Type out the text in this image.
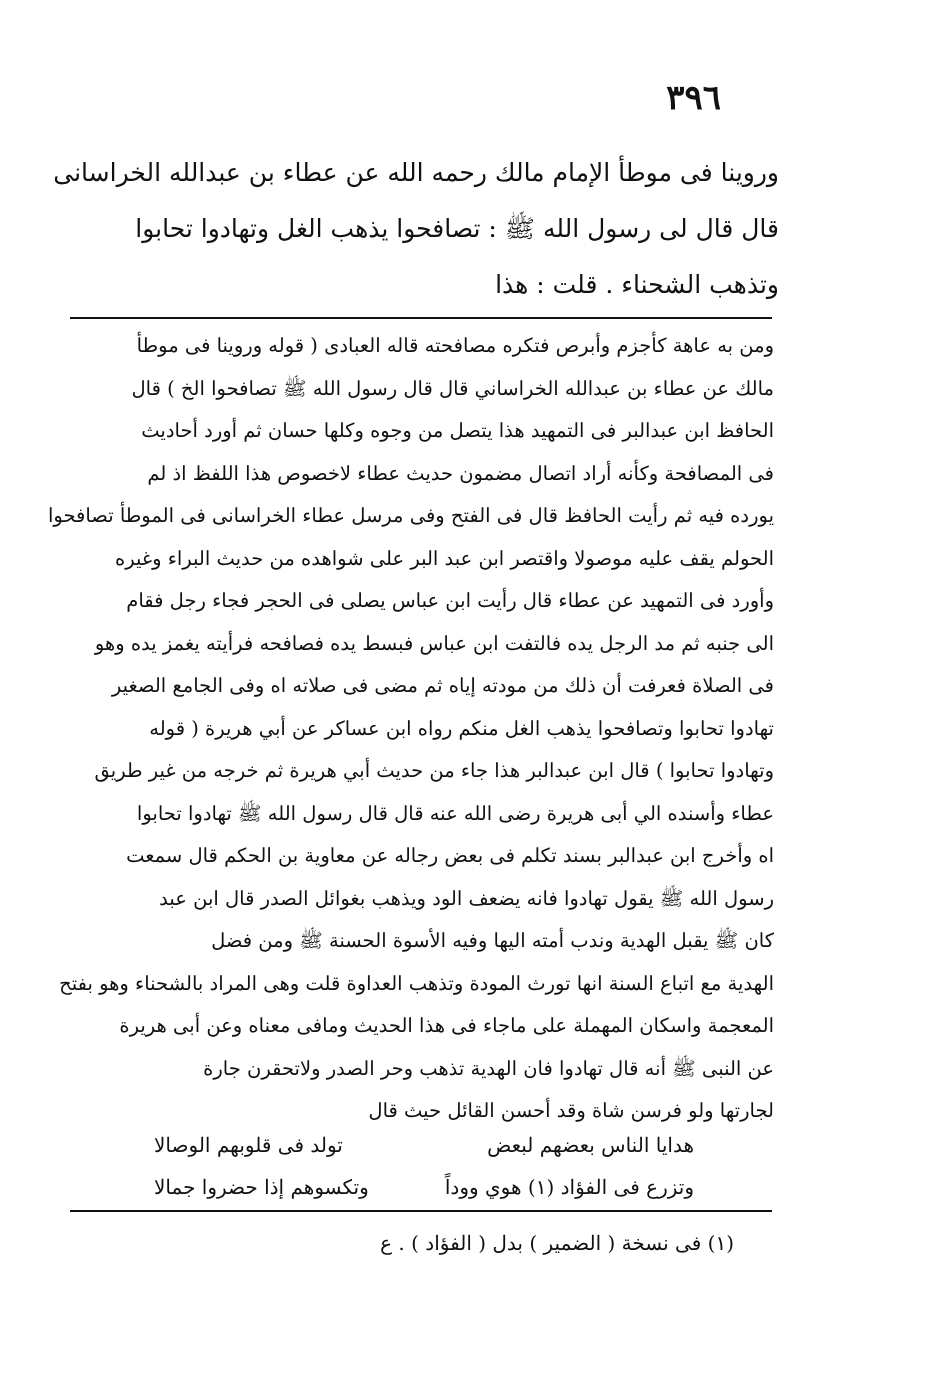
٣٩٦
وروينا فى موطأ الإمام مالك رحمه الله عن عطاء بن عبدالله الخراسانى
قال قال لى رسول الله ﷺ : تصافحوا يذهب الغل وتهادوا تحابوا
وتذهب الشحناء . قلت : هذا
ومن به عاهة كأجزم وأبرص فتكره مصافحته قاله العبادى ( قوله وروينا فى موطأ
مالك عن عطاء بن عبدالله الخراساني قال قال رسول الله ﷺ تصافحوا الخ ) قال
الحافظ ابن عبدالبر فى التمهيد هذا يتصل من وجوه وكلها حسان ثم أورد أحاديث
فى المصافحة وكأنه أراد اتصال مضمون حديث عطاء لاخصوص هذا اللفظ اذ لم
يورده فيه ثم رأيت الحافظ قال فى الفتح وفى مرسل عطاء الخراسانى فى الموطأ تصافحوا
الحولم يقف عليه موصولا واقتصر ابن عبد البر على شواهده من حديث البراء وغيره
وأورد فى التمهيد عن عطاء قال رأيت ابن عباس يصلى فى الحجر فجاء رجل فقام
الى جنبه ثم مد الرجل يده فالتفت ابن عباس فبسط يده فصافحه فرأيته يغمز يده وهو
فى الصلاة فعرفت أن ذلك من مودته إياه ثم مضى فى صلاته اه وفى الجامع الصغير
تهادوا تحابوا وتصافحوا يذهب الغل منكم رواه ابن عساكر عن أبي هريرة ( قوله
وتهادوا تحابوا ) قال ابن عبدالبر هذا جاء من حديث أبي هريرة ثم خرجه من غير طريق
عطاء وأسنده الي أبى هريرة رضى الله عنه قال قال رسول الله ﷺ تهادوا تحابوا
اه وأخرج ابن عبدالبر بسند تكلم فى بعض رجاله عن معاوية بن الحكم قال سمعت
رسول الله ﷺ يقول تهادوا فانه يضعف الود ويذهب بغوائل الصدر قال ابن عبد
كان ﷺ يقبل الهدية وندب أمته اليها وفيه الأسوة الحسنة ﷺ ومن فضل
الهدية مع اتباع السنة انها تورث المودة وتذهب العداوة قلت وهى المراد بالشحناء وهو بفتح
المعجمة واسكان المهملة على ماجاء فى هذا الحديث ومافى معناه وعن أبى هريرة
عن النبى ﷺ أنه قال تهادوا فان الهدية تذهب وحر الصدر ولاتحقرن جارة
لجارتها ولو فرسن شاة وقد أحسن القائل حيث قال
هدايا الناس بعضهم لبعض
تولد فى قلوبهم الوصالا
وتزرع فى الفؤاد (١) هوي ووداً
وتكسوهم إذا حضروا جمالا
(١) فى نسخة ( الضمير ) بدل ( الفؤاد ) . ع
